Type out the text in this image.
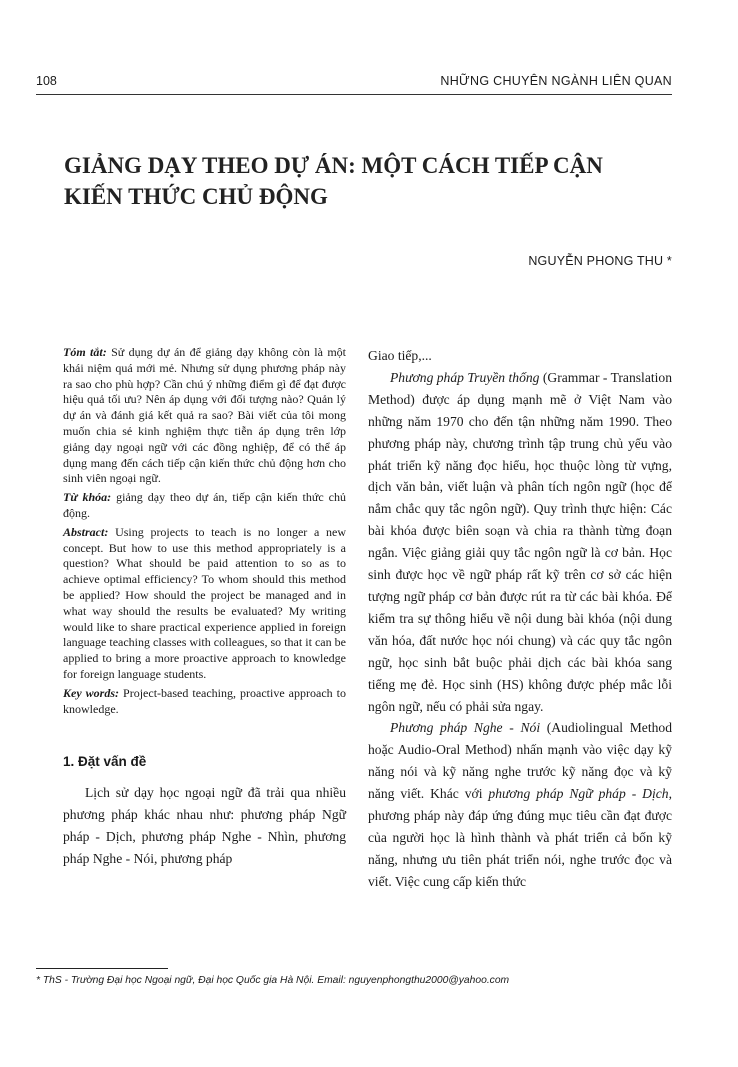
108	NHỮNG CHUYÊN NGÀNH LIÊN QUAN
GIẢNG DẠY THEO DỰ ÁN: MỘT CÁCH TIẾP CẬN
KIẾN THỨC CHỦ ĐỘNG
NGUYỄN PHONG THU *

Tóm tắt: Sử dụng dự án để giảng dạy không còn là một khái niệm quá mới mẻ. Nhưng sử dụng phương pháp này ra sao cho phù hợp? Cần chú ý những điểm gì để đạt được hiệu quả tối ưu? Nên áp dụng với đối tượng nào? Quản lý dự án và đánh giá kết quả ra sao? Bài viết của tôi mong muốn chia sẻ kinh nghiệm thực tiễn áp dụng trên lớp giảng dạy ngoại ngữ với các đồng nghiệp, để có thể áp dụng mang đến cách tiếp cận kiến thức chủ động hơn cho sinh viên ngoại ngữ.

Từ khóa: giảng dạy theo dự án, tiếp cận kiến thức chủ động.

Abstract: Using projects to teach is no longer a new concept. But how to use this method appropriately is a question? What should be paid attention to so as to achieve optimal efficiency? To whom should this method be applied? How should the project be managed and in what way should the results be evaluated? My writing would like to share practical experience applied in foreign language teaching classes with colleagues, so that it can be applied to bring a more proactive approach to knowledge for foreign language students.

Key words: Project-based teaching, proactive approach to knowledge.

1. Đặt vấn đề

Lịch sử dạy học ngoại ngữ đã trải qua nhiều phương pháp khác nhau như: phương pháp Ngữ pháp - Dịch, phương pháp Nghe - Nhìn, phương pháp Nghe - Nói, phương pháp

Giao tiếp,...

Phương pháp Truyền thống (Grammar - Translation Method) được áp dụng mạnh mẽ ở Việt Nam vào những năm 1970 cho đến tận những năm 1990. Theo phương pháp này, chương trình tập trung chủ yếu vào phát triển kỹ năng đọc hiểu, học thuộc lòng từ vựng, dịch văn bản, viết luận và phân tích ngôn ngữ (học để nắm chắc quy tắc ngôn ngữ). Quy trình thực hiện: Các bài khóa được biên soạn và chia ra thành từng đoạn ngắn. Việc giảng giải quy tắc ngôn ngữ là cơ bản. Học sinh được học về ngữ pháp rất kỹ trên cơ sở các hiện tượng ngữ pháp cơ bản được rút ra từ các bài khóa. Để kiểm tra sự thông hiểu về nội dung bài khóa (nội dung văn hóa, đất nước học nói chung) và các quy tắc ngôn ngữ, học sinh bắt buộc phải dịch các bài khóa sang tiếng mẹ đẻ. Học sinh (HS) không được phép mắc lỗi ngôn ngữ, nếu có phải sửa ngay.

Phương pháp Nghe - Nói (Audiolingual Method hoặc Audio-Oral Method) nhấn mạnh vào việc dạy kỹ năng nói và kỹ năng nghe trước kỹ năng đọc và kỹ năng viết. Khác với phương pháp Ngữ pháp - Dịch, phương pháp này đáp ứng đúng mục tiêu cần đạt được của người học là hình thành và phát triển cả bốn kỹ năng, nhưng ưu tiên phát triển nói, nghe trước đọc và viết. Việc cung cấp kiến thức

* ThS - Trường Đại học Ngoại ngữ, Đại học Quốc gia Hà Nội. Email: nguyenphongthu2000@yahoo.com
